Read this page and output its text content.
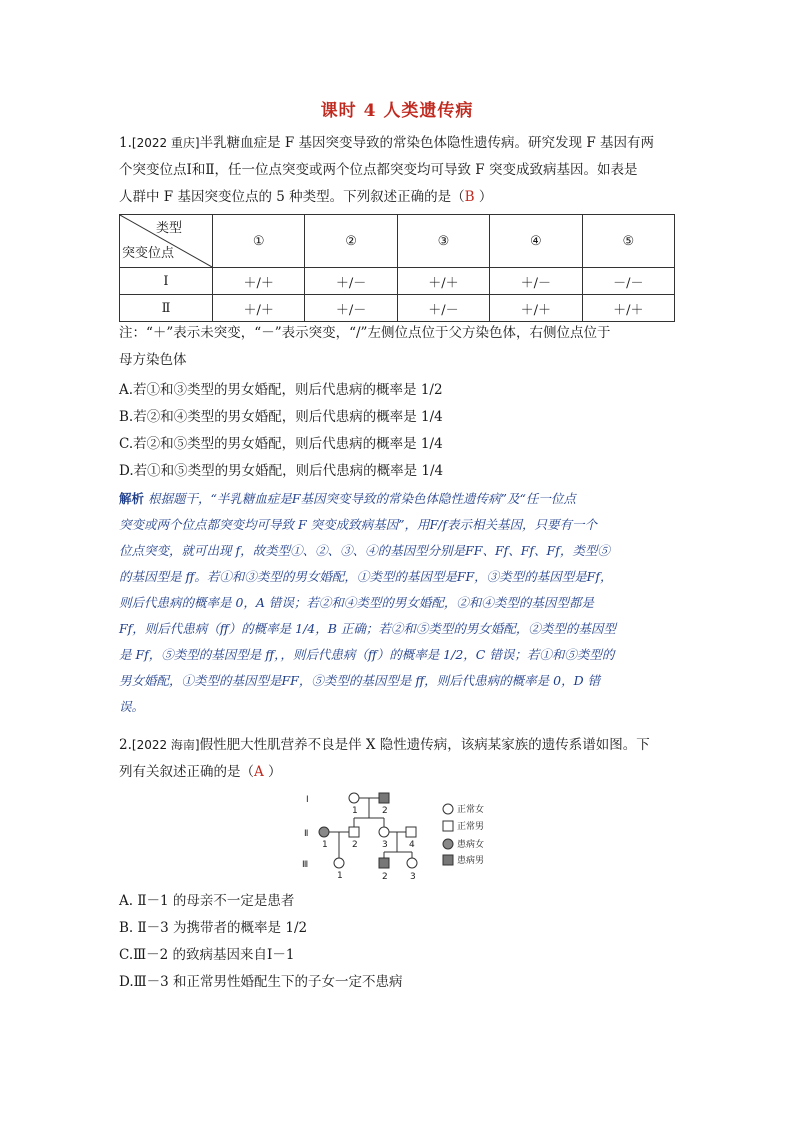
课时 4 人类遗传病
1.[2022 重庆]半乳糖血症是 F 基因突变导致的常染色体隐性遗传病。研究发现 F 基因有两
个突变位点Ⅰ和Ⅱ，任一位点突变或两个位点都突变均可导致 F 突变成致病基因。如表是
人群中 F 基因突变位点的 5 种类型。下列叙述正确的是（B ）
类型
突变位点	①	②	③	④	⑤
Ⅰ	＋/＋	＋/－	＋/＋	＋/－	－/－
Ⅱ	＋/＋	＋/－	＋/－	＋/＋	＋/＋
注：“＋”表示未突变，“－”表示突变，“/”左侧位点位于父方染色体，右侧位点位于
母方染色体
A.若①和③类型的男女婚配，则后代患病的概率是 1/2
B.若②和④类型的男女婚配，则后代患病的概率是 1/4
C.若②和⑤类型的男女婚配，则后代患病的概率是 1/4
D.若①和⑤类型的男女婚配，则后代患病的概率是 1/4
解析 根据题干，“半乳糖血症是F基因突变导致的常染色体隐性遗传病”及“任一位点
突变或两个位点都突变均可导致 F 突变成致病基因”，用F/f表示相关基因，只要有一个
位点突变，就可出现 f，故类型①、②、③、④的基因型分别是FF、Ff、Ff、Ff，类型⑤
的基因型是 ff。若①和③类型的男女婚配，①类型的基因型是FF，③类型的基因型是Ff，
则后代患病的概率是 0，A 错误；若②和④类型的男女婚配，②和④类型的基因型都是
Ff，则后代患病（ff）的概率是 1/4，B 正确；若②和⑤类型的男女婚配，②类型的基因型
是 Ff，⑤类型的基因型是 ff，，则后代患病（ff）的概率是 1/2，C 错误；若①和⑤类型的
男女婚配，①类型的基因型是FF，⑤类型的基因型是 ff，则后代患病的概率是 0，D 错
误。
2.[2022 海南]假性肥大性肌营养不良是伴 X 隐性遗传病，该病某家族的遗传系谱如图。下
列有关叙述正确的是（A ）
Ⅰ
Ⅱ
Ⅲ
1	2
1	2	3 4
1	2 3
正常女
正常男
患病女
患病男
A. Ⅱ－1 的母亲不一定是患者
B. Ⅱ－3 为携带者的概率是 1/2
C.Ⅲ－2 的致病基因来自Ⅰ－1
D.Ⅲ－3 和正常男性婚配生下的子女一定不患病
